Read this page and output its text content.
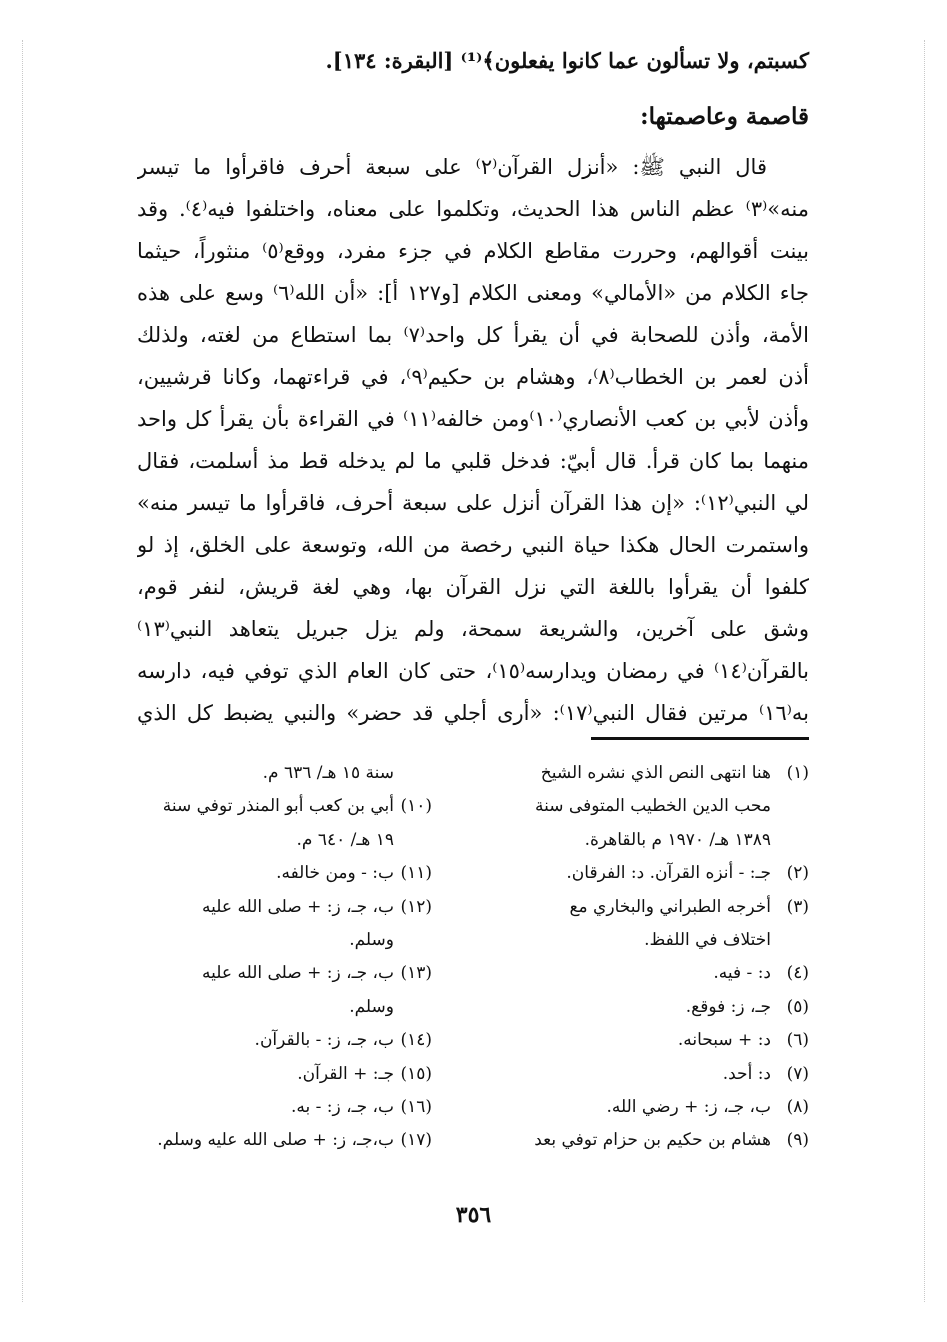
كسبتم، ولا تسألون عما كانوا يفعلون﴾⁽¹⁾ [البقرة: ١٣٤].
قاصمة وعاصمتها:
قال النبي ﷺ: «أنزل القرآن⁽٢⁾ على سبعة أحرف فاقرأوا ما تيسر
منه»⁽٣⁾ عظم الناس هذا الحديث، وتكلموا على معناه، واختلفوا فيه⁽٤⁾. وقد
بينت أقوالهم، وحررت مقاطع الكلام في جزء مفرد، ووقع⁽٥⁾ منثوراً، حيثما
جاء الكلام من «الأمالي» ومعنى الكلام [و١٢٧ أ]: «أن الله⁽٦⁾ وسع على هذه
الأمة، وأذن للصحابة في أن يقرأ كل واحد⁽٧⁾ بما استطاع من لغته، ولذلك
أذن لعمر بن الخطاب⁽٨⁾، وهشام بن حكيم⁽٩⁾، في قراءتهما، وكانا قرشيين،
وأذن لأبي بن كعب الأنصاري⁽١٠⁾ومن خالفه⁽١١⁾ في القراءة بأن يقرأ كل واحد
منهما بما كان قرأ. قال أبيّ: فدخل قلبي ما لم يدخله قط مذ أسلمت، فقال
لي النبي⁽١٢⁾: «إن هذا القرآن أنزل على سبعة أحرف، فاقرأوا ما تيسر منه»
واستمرت الحال هكذا حياة النبي رخصة من الله، وتوسعة على الخلق، إذ لو
كلفوا أن يقرأوا باللغة التي نزل القرآن بها، وهي لغة قريش، لنفر قوم،
وشق على آخرين، والشريعة سمحة، ولم يزل جبريل يتعاهد النبي⁽١٣⁾
بالقرآن⁽١٤⁾ في رمضان ويدارسه⁽١٥⁾، حتى كان العام الذي توفي فيه، دارسه
به⁽١٦⁾ مرتين فقال النبي⁽١٧⁾: «أرى أجلي قد حضر» والنبي يضبط كل الذي
(١)هنا انتهى النص الذي نشره الشيخ
محب الدين الخطيب المتوفى سنة
١٣٨٩ هـ/ ١٩٧٠ م بالقاهرة.
(٢)جـ: - أنزه القرآن. د: الفرقان.
(٣)أخرجه الطبراني والبخاري مع
اختلاف في اللفظ.
(٤)د: - فيه.
(٥)جـ، ز: فوقع.
(٦)د: + سبحانه.
(٧)د: أحد.
(٨)ب، جـ، ز: + رضي الله.
(٩)هشام بن حكيم بن حزام توفي بعد
سنة ١٥ هـ/ ٦٣٦ م.
(١٠)أبي بن كعب أبو المنذر توفي سنة
١٩ هـ/ ٦٤٠ م.
(١١)ب: - ومن خالفه.
(١٢)ب، جـ، ز: + صلى الله عليه
وسلم.
(١٣)ب، جـ، ز: + صلى الله عليه
وسلم.
(١٤)ب، جـ، ز: - بالقرآن.
(١٥)جـ: + القرآن.
(١٦)ب، جـ، ز: - به.
(١٧)ب،جـ، ز: + صلى الله عليه وسلم.
٣٥٦
